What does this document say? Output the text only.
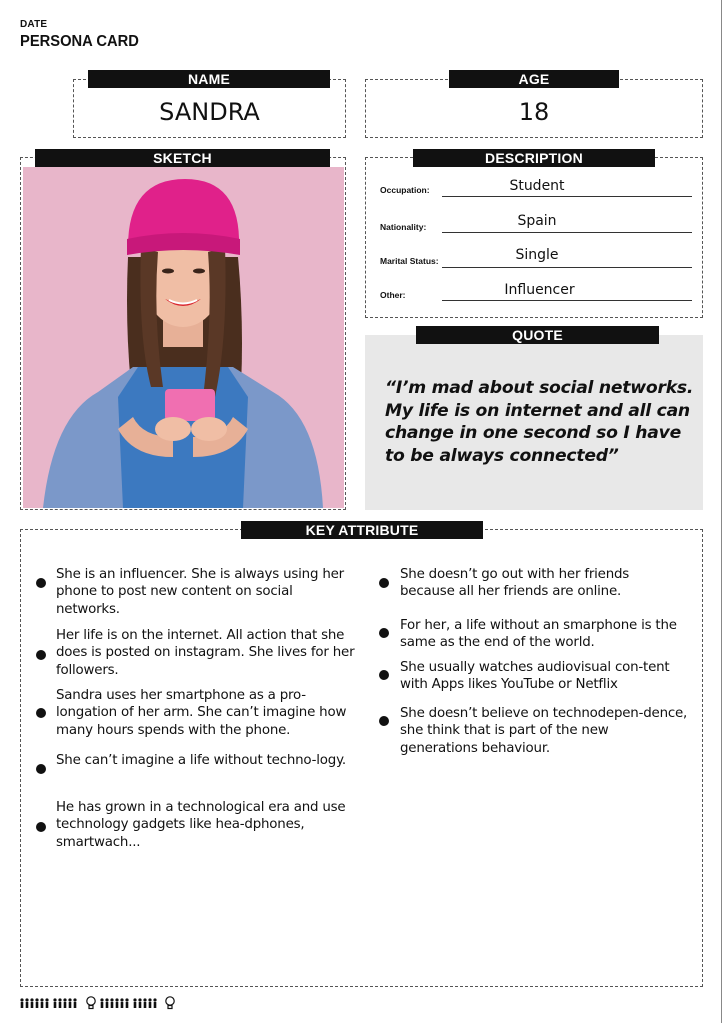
DATE
PERSONA CARD
NAME
SANDRA
AGE
18
SKETCH	DESCRIPTION
Occupation:	Student
Nationality:	Spain
Marital Status:	Single
Other:	Influencer
QUOTE
“I’m mad about social networks. My life is on internet and all can change in one second so I have to be always connected”
KEY ATTRIBUTE
She is an influencer. She is always using her phone to post new content on social networks.
Her life is on the internet. All action that she does is posted on instagram. She lives for her followers.
Sandra uses her smartphone as a pro-longation of her arm. She can’t imagine how many hours spends with the phone.
She can’t imagine a life without techno-logy.
He has grown in a technological era and use technology gadgets like hea-dphones, smartwach...
She doesn’t go out with her friends because all her friends are online.
For her, a life without an smarphone is the same as the end of the world.
She usually watches audiovisual con-tent with Apps likes YouTube or Netflix
She doesn’t believe on technodepen-dence, she think that is part of the new generations behaviour.
